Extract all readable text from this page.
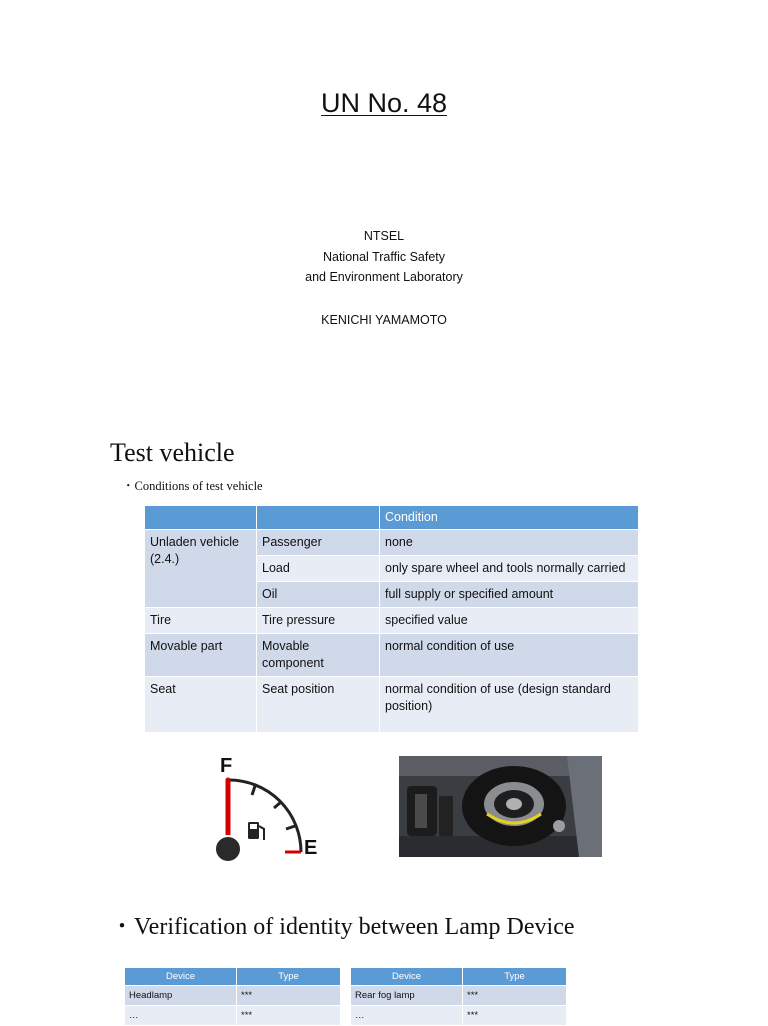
UN No. 48
NTSEL
National Traffic Safety
and Environment Laboratory
KENICHI YAMAMOTO
Test vehicle
・Conditions of test vehicle
		Condition
Unladen vehicle (2.4.)	Passenger	none
	Load	only spare wheel and tools normally carried
	Oil	full supply or specified amount
Tire	Tire pressure	specified value
Movable part	Movable component	normal condition of use
Seat	Seat position	normal condition of use (design standard position)
F
E
・Verification of identity between Lamp Device
Device	Type
Headlamp	***
…	***
Device	Type
Rear fog lamp	***
…	***
